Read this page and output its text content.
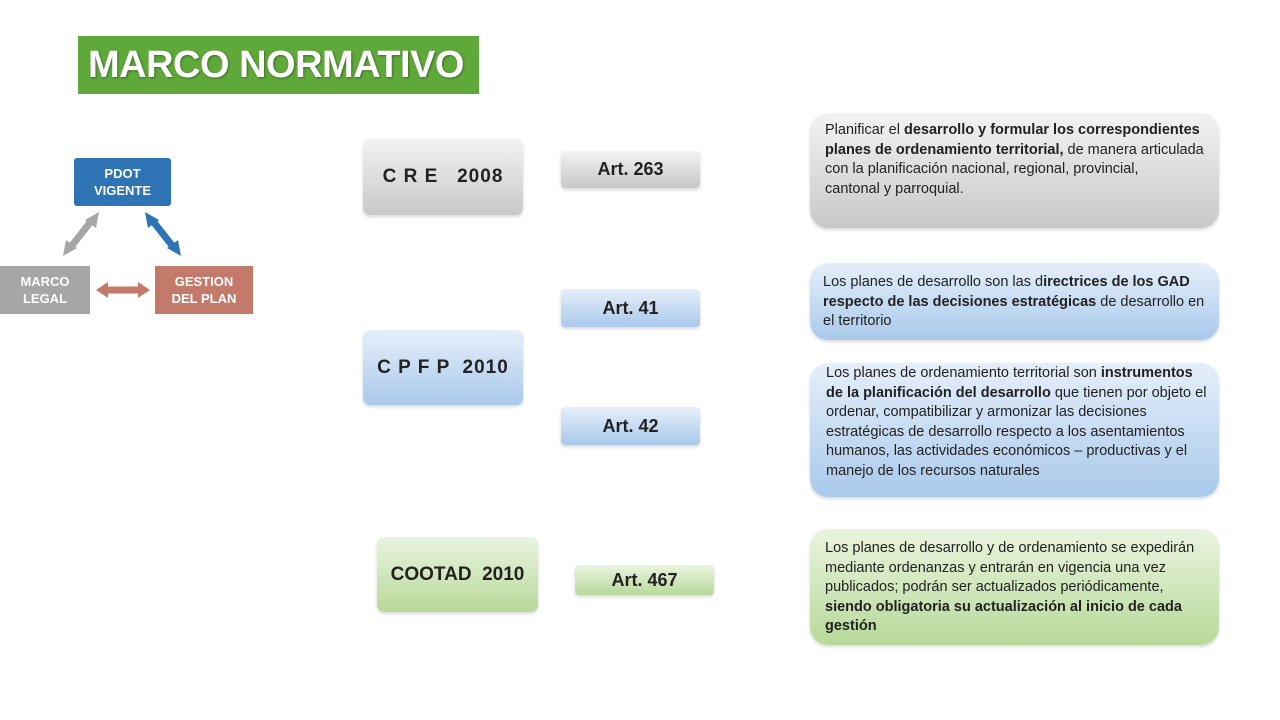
MARCO NORMATIVO
PDOT
VIGENTE
MARCO
LEGAL
GESTION
DEL PLAN
C R E   2008
C P F P  2010
COOTAD  2010
Art. 263
Art. 41
Art. 42
Art. 467
Planificar el desarrollo y formular los correspondientes planes de ordenamiento territorial, de manera articulada con la planificación nacional, regional, provincial,
cantonal y parroquial.
Los planes de desarrollo son las directrices de los GAD respecto de las decisiones estratégicas de desarrollo en el territorio
Los planes de ordenamiento territorial son instrumentos de la planificación del desarrollo que tienen por objeto el ordenar, compatibilizar y armonizar las decisiones estratégicas de desarrollo respecto a los asentamientos humanos, las actividades económicos – productivas y el manejo de los recursos naturales
Los planes de desarrollo y de ordenamiento se expedirán mediante ordenanzas y entrarán en vigencia una vez publicados; podrán ser actualizados periódicamente, siendo obligatoria su actualización al inicio de cada gestión
